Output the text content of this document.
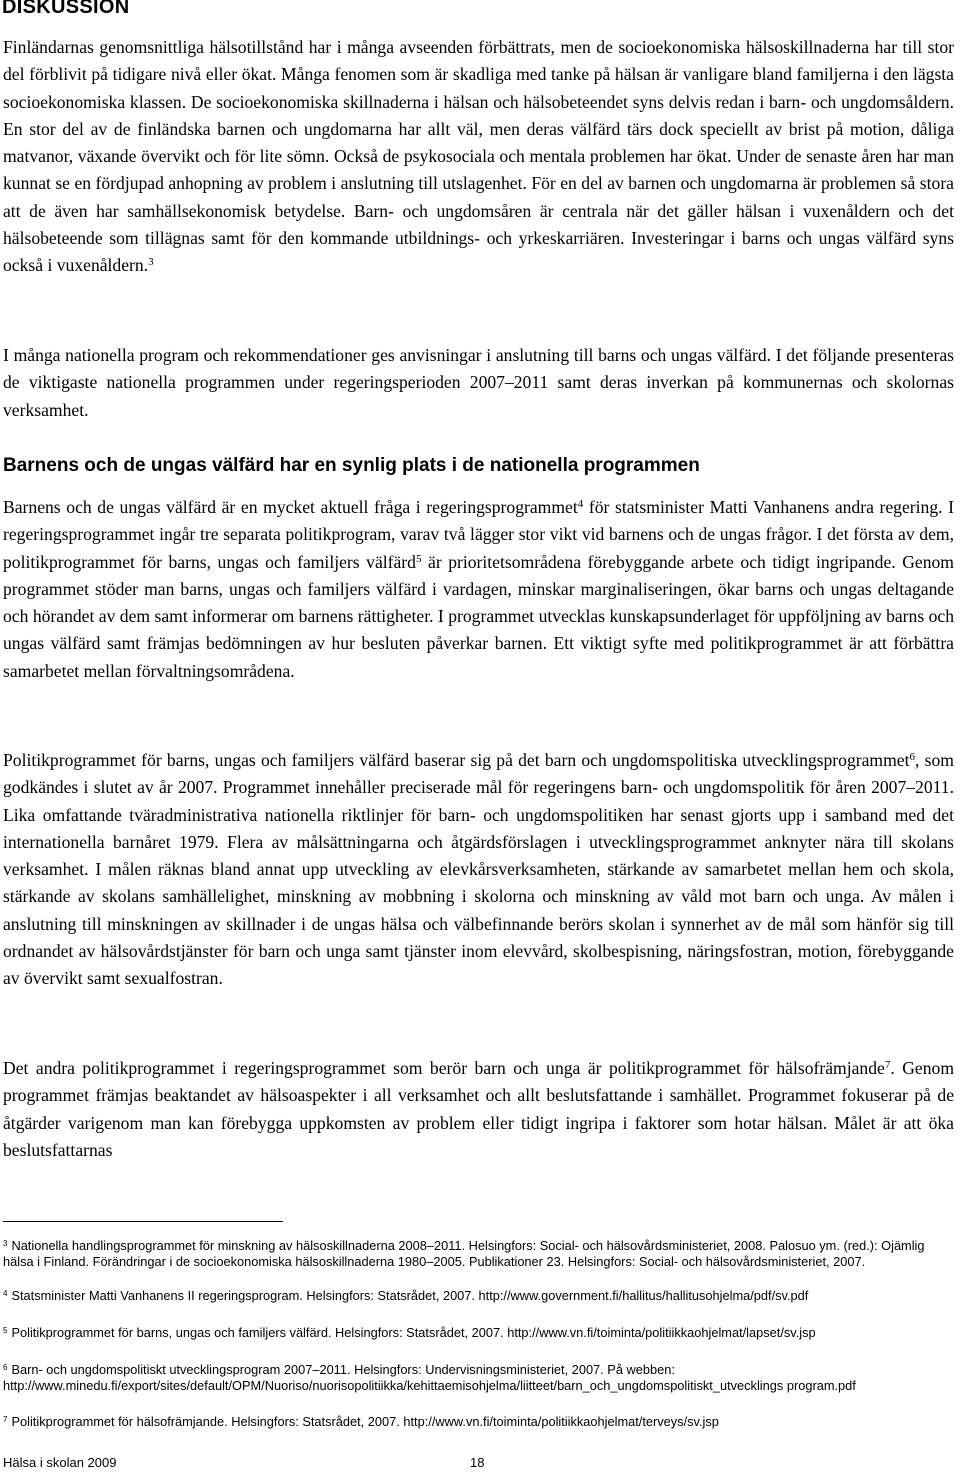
DISKUSSION

Finländarnas genomsnittliga hälsotillstånd har i många avseenden förbättrats, men de socioekonomiska hälsoskillnaderna har till stor del förblivit på tidigare nivå eller ökat. Många fenomen som är skadliga med tanke på hälsan är vanligare bland familjerna i den lägsta socioekonomiska klassen. De socioekonomiska skillnaderna i hälsan och hälsobeteendet syns delvis redan i barn- och ungdomsåldern. En stor del av de finländska barnen och ungdomarna har allt väl, men deras välfärd tärs dock speciellt av brist på motion, dåliga matvanor, växande övervikt och för lite sömn. Också de psykosociala och mentala problemen har ökat. Under de senaste åren har man kunnat se en fördjupad anhopning av problem i anslutning till utslagenhet. För en del av barnen och ungdomarna är problemen så stora att de även har samhällsekonomisk betydelse. Barn- och ungdomsåren är centrala när det gäller hälsan i vuxenåldern och det hälsobeteende som tillägnas samt för den kommande utbildnings- och yrkeskarriären. Investeringar i barns och ungas välfärd syns också i vuxenåldern.$^3$

I många nationella program och rekommendationer ges anvisningar i anslutning till barns och ungas välfärd. I det följande presenteras de viktigaste nationella programmen under regeringsperioden 2007–2011 samt deras inverkan på kommunernas och skolornas verksamhet.

Barnens och de ungas välfärd har en synlig plats i de nationella programmen

Barnens och de ungas välfärd är en mycket aktuell fråga i regeringsprogrammet$^4$ för statsminister Matti Vanhanens andra regering. I regeringsprogrammet ingår tre separata politikprogram, varav två lägger stor vikt vid barnens och de ungas frågor. I det första av dem, politikprogrammet för barns, ungas och familjers välfärd$^5$ är prioritetsområdena förebyggande arbete och tidigt ingripande. Genom programmet stöder man barns, ungas och familjers välfärd i vardagen, minskar marginaliseringen, ökar barns och ungas deltagande och hörandet av dem samt informerar om barnens rättigheter. I programmet utvecklas kunskapsunderlaget för uppföljning av barns och ungas välfärd samt främjas bedömningen av hur besluten påverkar barnen. Ett viktigt syfte med politikprogrammet är att förbättra samarbetet mellan förvaltningsområdena.

Politikprogrammet för barns, ungas och familjers välfärd baserar sig på det barn och ungdomspolitiska utvecklingsprogrammet$^6$, som godkändes i slutet av år 2007. Programmet innehåller preciserade mål för regeringens barn- och ungdomspolitik för åren 2007–2011. Lika omfattande tväradministrativa nationella riktlinjer för barn- och ungdomspolitiken har senast gjorts upp i samband med det internationella barnåret 1979. Flera av målsättningarna och åtgärdsförslagen i utvecklingsprogrammet anknyter nära till skolans verksamhet. I målen räknas bland annat upp utveckling av elevkårsverksamheten, stärkande av samarbetet mellan hem och skola, stärkande av skolans samhällelighet, minskning av mobbning i skolorna och minskning av våld mot barn och unga. Av målen i anslutning till minskningen av skillnader i de ungas hälsa och välbefinnande berörs skolan i synnerhet av de mål som hänför sig till ordnandet av hälsovårdstjänster för barn och unga samt tjänster inom elevvård, skolbespisning, näringsfostran, motion, förebyggande av övervikt samt sexualfostran.

Det andra politikprogrammet i regeringsprogrammet som berör barn och unga är politikprogrammet för hälsofrämjande$^7$. Genom programmet främjas beaktandet av hälsoaspekter i all verksamhet och allt beslutsfattande i samhället. Programmet fokuserar på de åtgärder varigenom man kan förebygga uppkomsten av problem eller tidigt ingripa i faktorer som hotar hälsan. Målet är att öka beslutsfattarnas

$^3$ Nationella handlingsprogrammet för minskning av hälsoskillnaderna 2008–2011. Helsingfors: Social- och hälsovårdsministeriet, 2008. Palosuo ym. (red.): Ojämlig hälsa i Finland. Förändringar i de socioekonomiska hälsoskillnaderna 1980–2005. Publikationer 23. Helsingfors: Social- och hälsovårdsministeriet, 2007.
$^4$ Statsminister Matti Vanhanens II regeringsprogram. Helsingfors: Statsrådet, 2007. http://www.government.fi/hallitus/hallitusohjelma/pdf/sv.pdf
$^5$ Politikprogrammet för barns, ungas och familjers välfärd. Helsingfors: Statsrådet, 2007. http://www.vn.fi/toiminta/politiikkaohjelmat/lapset/sv.jsp
$^6$ Barn- och ungdomspolitiskt utvecklingsprogram 2007–2011. Helsingfors: Undervisningsministeriet, 2007. På webben: http://www.minedu.fi/export/sites/default/OPM/Nuoriso/nuorisopolitiikka/kehittaemisohjelma/liitteet/barn_och_ungdomspolitiskt_utvecklings program.pdf
$^7$ Politikprogrammet för hälsofrämjande. Helsingfors: Statsrådet, 2007. http://www.vn.fi/toiminta/politiikkaohjelmat/terveys/sv.jsp
Hälsa i skolan 2009	18
